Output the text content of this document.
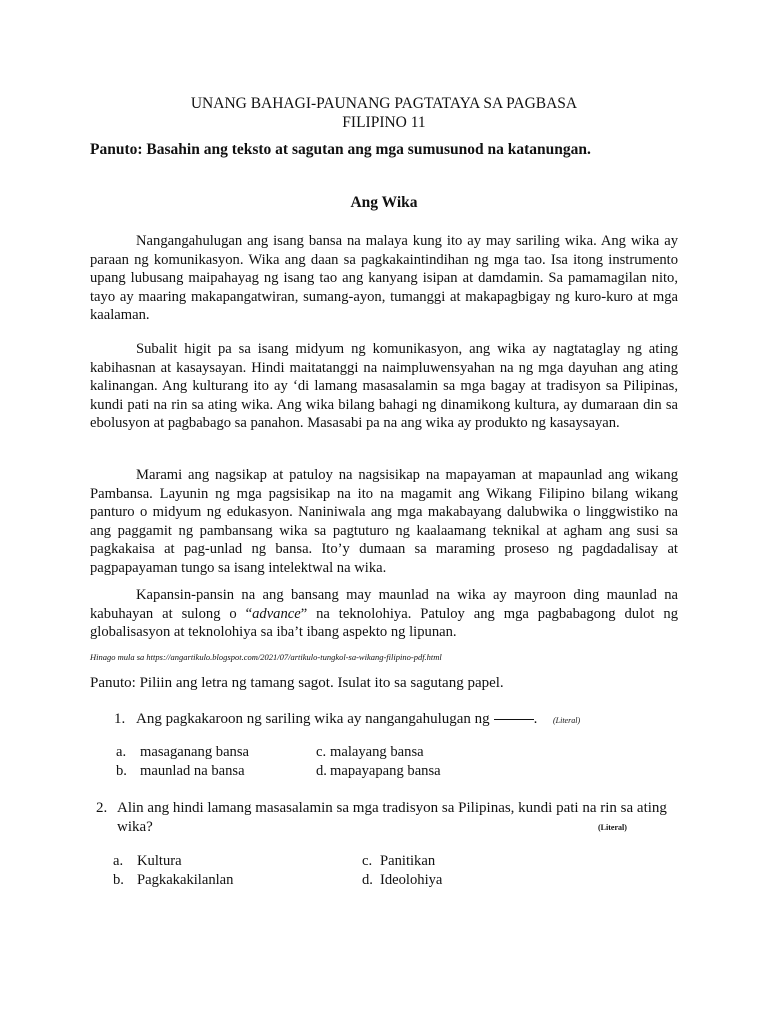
UNANG BAHAGI-PAUNANG PAGTATAYA SA PAGBASA
FILIPINO 11
Panuto: Basahin ang teksto at sagutan ang mga sumusunod na katanungan.
Ang Wika

Nangangahulugan ang isang bansa na malaya kung ito ay may sariling wika. Ang wika ay paraan ng komunikasyon. Wika ang daan sa pagkakaintindihan ng mga tao. Isa itong instrumento upang lubusang maipahayag ng isang tao ang kanyang isipan at damdamin. Sa pamamagilan nito, tayo ay maaring makapangatwiran, sumang-ayon, tumanggi at makapagbigay ng kuro-kuro at mga kaalaman.

Subalit higit pa sa isang midyum ng komunikasyon, ang wika ay nagtataglay ng ating kabihasnan at kasaysayan. Hindi maitatanggi na naimpluwensyahan na ng mga dayuhan ang ating kalinangan. Ang kulturang ito ay ‘di lamang masasalamin sa mga bagay at tradisyon sa Pilipinas, kundi pati na rin sa ating wika. Ang wika bilang bahagi ng dinamikong kultura, ay dumaraan din sa ebolusyon at pagbabago sa panahon. Masasabi pa na ang wika ay produkto ng kasaysayan.

Marami ang nagsikap at patuloy na nagsisikap na mapayaman at mapaunlad ang wikang Pambansa. Layunin ng mga pagsisikap na ito na magamit ang Wikang Filipino bilang wikang panturo o midyum ng edukasyon. Naniniwala ang mga makabayang dalubwika o linggwistiko na ang paggamit ng pambansang wika sa pagtuturo ng kaalaamang teknikal at agham ang susi sa pagkakaisa at pag-unlad ng bansa. Ito’y dumaan sa maraming proseso ng pagdadalisay at pagpapayaman tungo sa isang intelektwal na wika.

Kapansin-pansin na ang bansang may maunlad na wika ay mayroon ding maunlad na kabuhayan at sulong o “advance” na teknolohiya. Patuloy ang mga pagbabagong dulot ng globalisasyon at teknolohiya sa iba’t ibang aspekto ng lipunan.

Hinago mula sa https://angartikulo.blogspot.com/2021/07/artikulo-tungkol-sa-wikang-filipino-pdf.html
Panuto: Piliin ang letra ng tamang sagot. Isulat ito sa sagutang papel.
1. Ang pagkakaroon ng sariling wika ay nangangahulugan ng	. (Literal)
a. masaganang bansa
b. maunlad na bansa
c. malayang bansa
d. mapayapang bansa
2. Alin ang hindi lamang masasalamin sa mga tradisyon sa Pilipinas, kundi pati na rin sa ating
wika?	(Literal)
a. Kultura
b. Pagkakakilanlan
c. Panitikan
d. Ideolohiya
